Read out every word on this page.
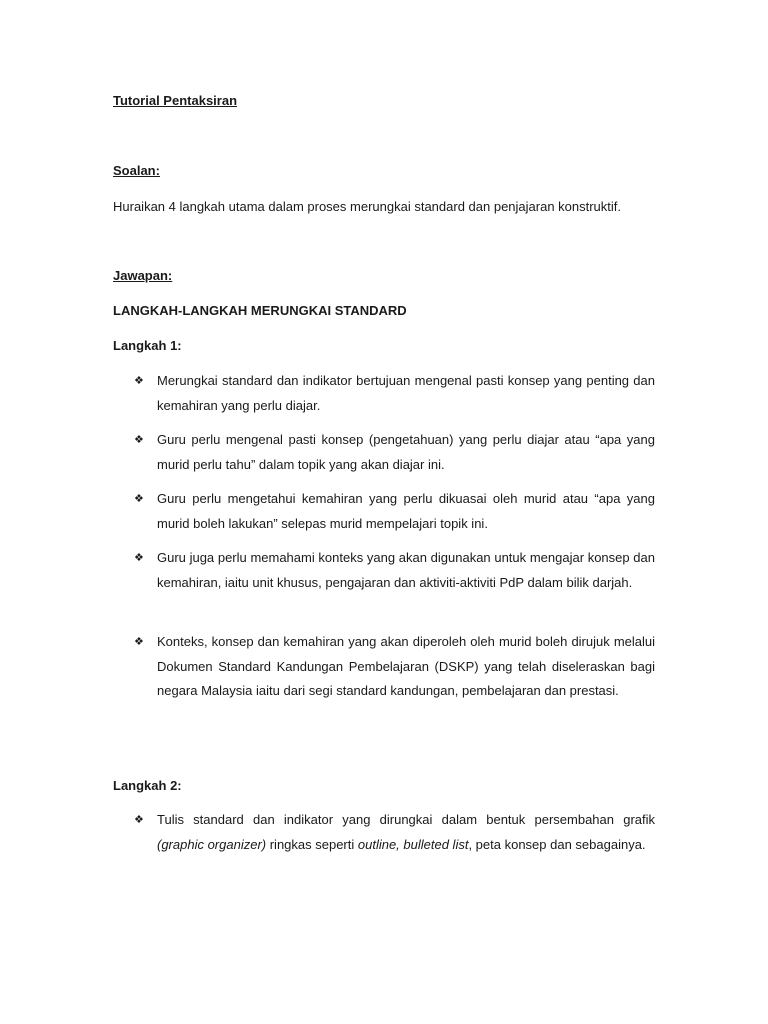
Tutorial Pentaksiran
Soalan:
Huraikan 4 langkah utama dalam proses merungkai standard dan penjajaran konstruktif.
Jawapan:
LANGKAH-LANGKAH MERUNGKAI STANDARD
Langkah 1:
❖ Merungkai standard dan indikator bertujuan mengenal pasti konsep yang penting dan kemahiran yang perlu diajar.
❖ Guru perlu mengenal pasti konsep (pengetahuan) yang perlu diajar atau “apa yang murid perlu tahu” dalam topik yang akan diajar ini.
❖ Guru perlu mengetahui kemahiran yang perlu dikuasai oleh murid atau “apa yang murid boleh lakukan” selepas murid mempelajari topik ini.
❖ Guru juga perlu memahami konteks yang akan digunakan untuk mengajar konsep dan kemahiran, iaitu unit khusus, pengajaran dan aktiviti-aktiviti PdP dalam bilik darjah.
❖ Konteks, konsep dan kemahiran yang akan diperoleh oleh murid boleh dirujuk melalui Dokumen Standard Kandungan Pembelajaran (DSKP) yang telah diseleraskan bagi negara Malaysia iaitu dari segi standard kandungan, pembelajaran dan prestasi.
Langkah 2:
❖ Tulis standard dan indikator yang dirungkai dalam bentuk persembahan grafik (graphic organizer) ringkas seperti outline, bulleted list, peta konsep dan sebagainya.
